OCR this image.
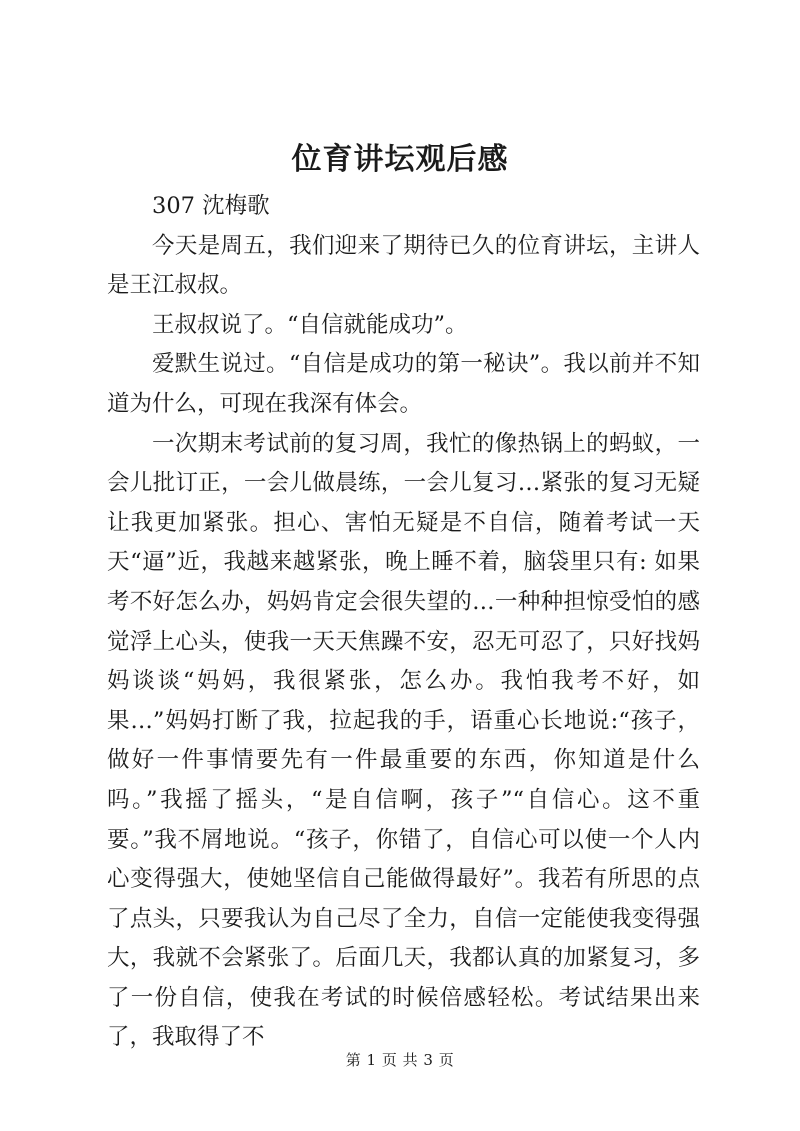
位育讲坛观后感

307 沈梅歌

今天是周五，我们迎来了期待已久的位育讲坛，主讲人是王江叔叔。

王叔叔说了。“自信就能成功”。

爱默生说过。“自信是成功的第一秘诀”。我以前并不知道为什么，可现在我深有体会。

一次期末考试前的复习周，我忙的像热锅上的蚂蚁，一会儿批订正，一会儿做晨练，一会儿复习…紧张的复习无疑让我更加紧张。担心、害怕无疑是不自信，随着考试一天天“逼”近，我越来越紧张，晚上睡不着，脑袋里只有: 如果考不好怎么办，妈妈肯定会很失望的…一种种担惊受怕的感觉浮上心头，使我一天天焦躁不安，忍无可忍了，只好找妈妈谈谈“妈妈，我很紧张，怎么办。我怕我考不好，如果…”妈妈打断了我，拉起我的手，语重心长地说:“孩子，做好一件事情要先有一件最重要的东西，你知道是什么吗。”我摇了摇头，“是自信啊，孩子”“自信心。这不重要。”我不屑地说。“孩子，你错了，自信心可以使一个人内心变得强大，使她坚信自己能做得最好”。我若有所思的点了点头，只要我认为自己尽了全力，自信一定能使我变得强大，我就不会紧张了。后面几天，我都认真的加紧复习，多了一份自信，使我在考试的时候倍感轻松。考试结果出来了，我取得了不

第 1 页 共 3 页
